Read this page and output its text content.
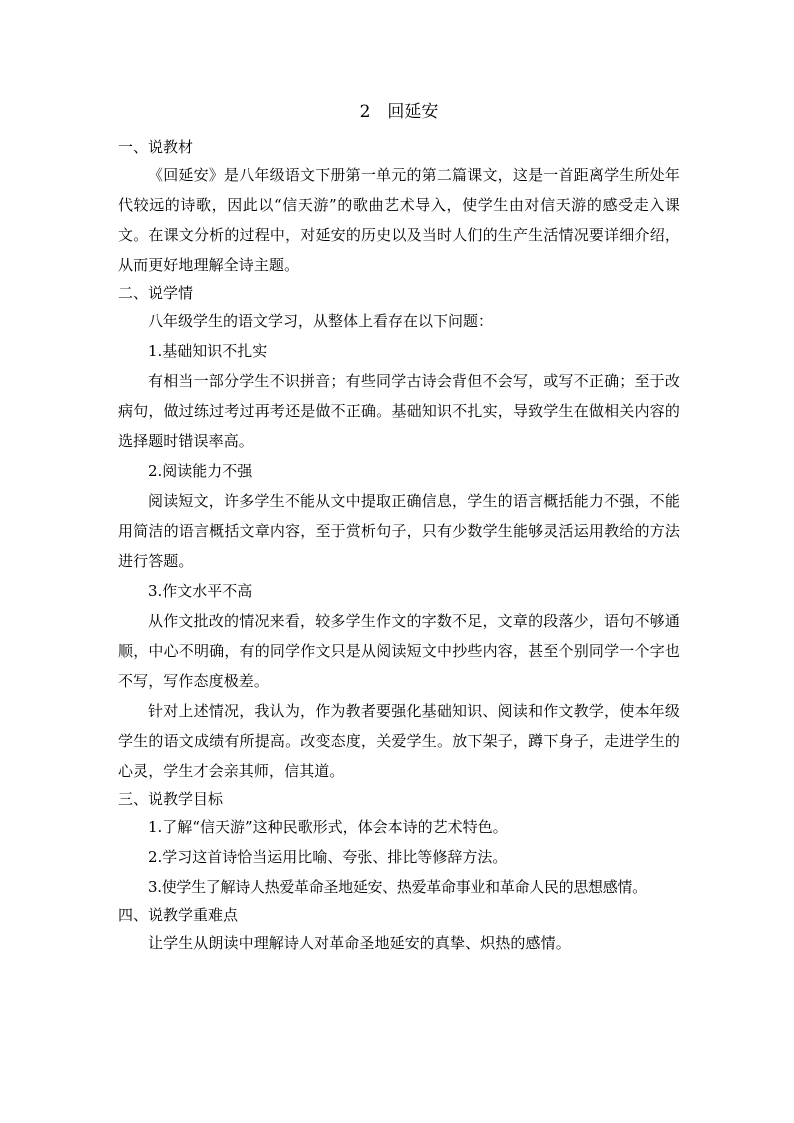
2　回延安

一、说教材

《回延安》是八年级语文下册第一单元的第二篇课文，这是一首距离学生所处年代较远的诗歌，因此以“信天游”的歌曲艺术导入，使学生由对信天游的感受走入课文。在课文分析的过程中，对延安的历史以及当时人们的生产生活情况要详细介绍，从而更好地理解全诗主题。

二、说学情

八年级学生的语文学习，从整体上看存在以下问题：

1.基础知识不扎实

有相当一部分学生不识拼音；有些同学古诗会背但不会写，或写不正确；至于改病句，做过练过考过再考还是做不正确。基础知识不扎实，导致学生在做相关内容的选择题时错误率高。

2.阅读能力不强

阅读短文，许多学生不能从文中提取正确信息，学生的语言概括能力不强，不能用简洁的语言概括文章内容，至于赏析句子，只有少数学生能够灵活运用教给的方法进行答题。

3.作文水平不高

从作文批改的情况来看，较多学生作文的字数不足，文章的段落少，语句不够通顺，中心不明确，有的同学作文只是从阅读短文中抄些内容，甚至个别同学一个字也不写，写作态度极差。

针对上述情况，我认为，作为教者要强化基础知识、阅读和作文教学，使本年级学生的语文成绩有所提高。改变态度，关爱学生。放下架子，蹲下身子，走进学生的心灵，学生才会亲其师，信其道。

三、说教学目标

1.了解“信天游”这种民歌形式，体会本诗的艺术特色。

2.学习这首诗恰当运用比喻、夸张、排比等修辞方法。

3.使学生了解诗人热爱革命圣地延安、热爱革命事业和革命人民的思想感情。

四、说教学重难点

让学生从朗读中理解诗人对革命圣地延安的真挚、炽热的感情。
